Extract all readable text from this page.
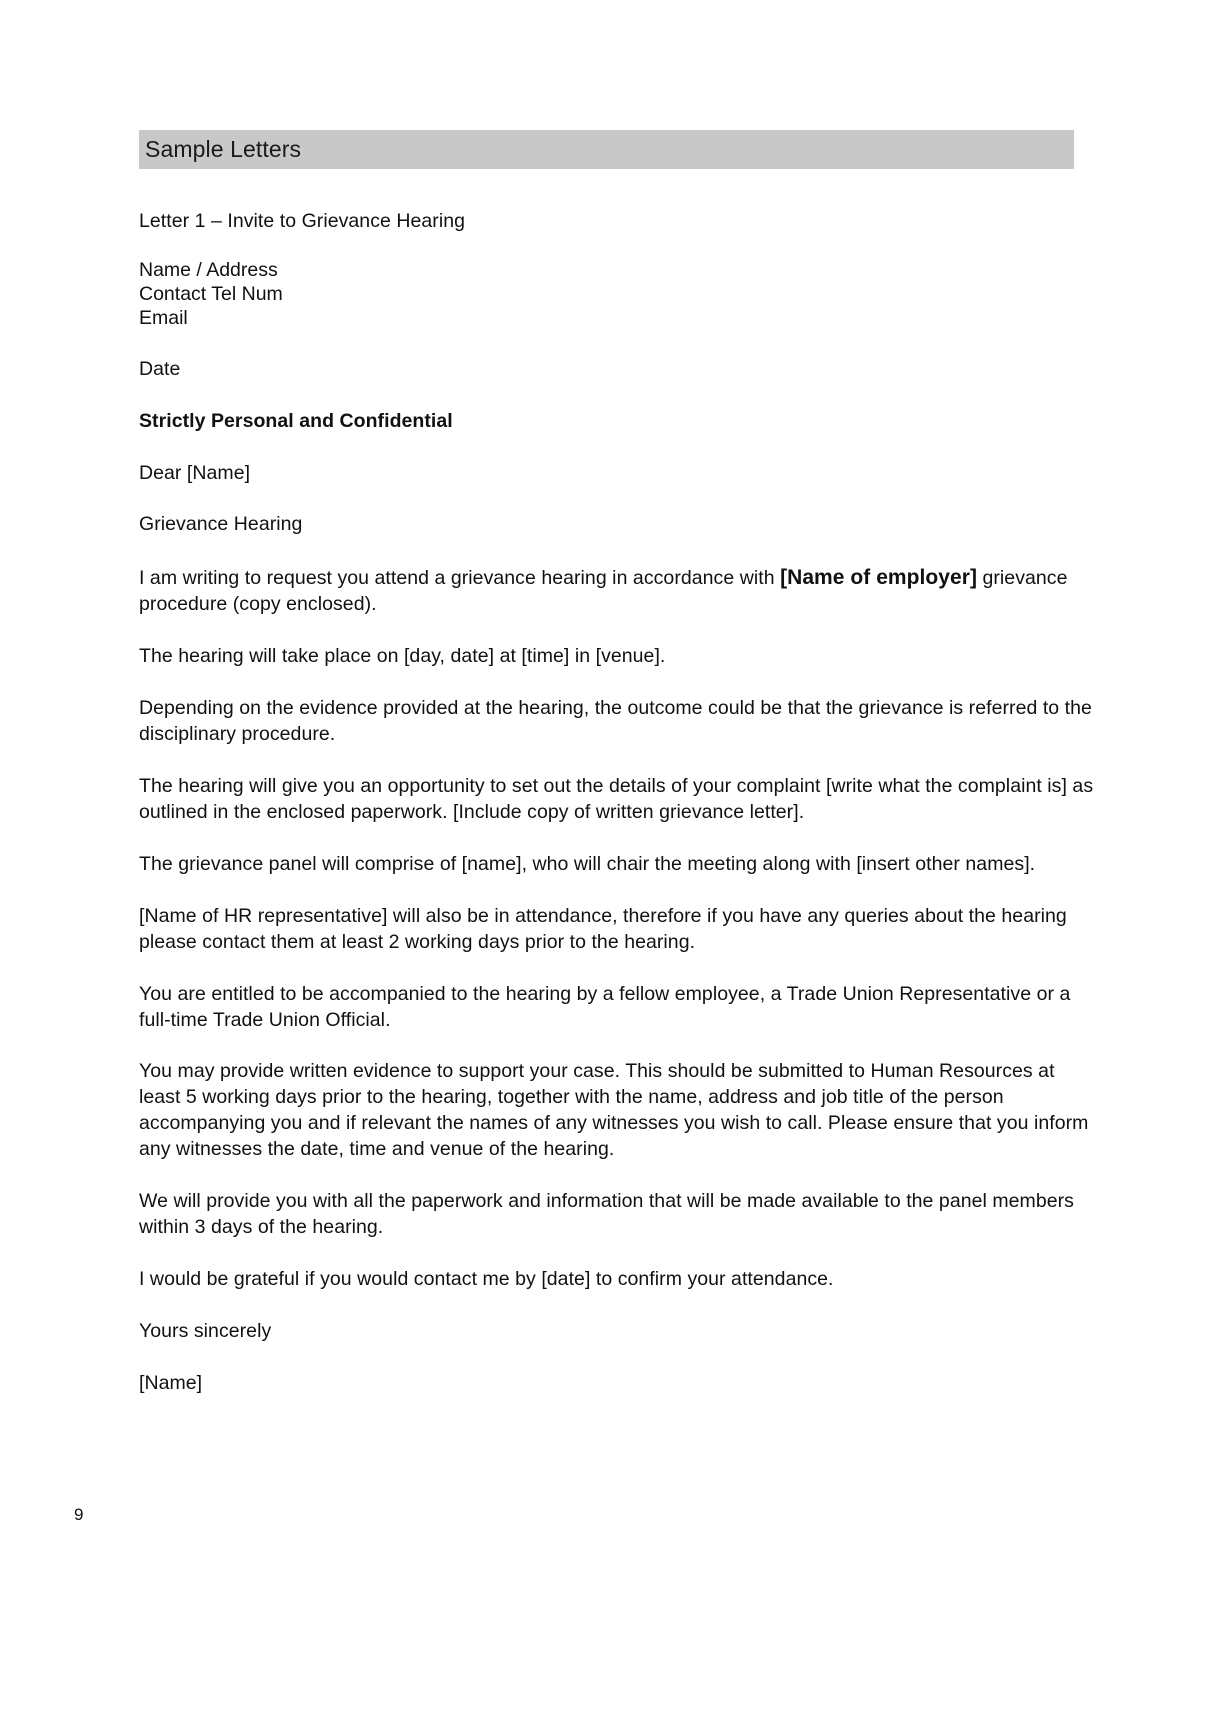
Sample Letters

Letter 1 – Invite to Grievance Hearing

Name / Address

Contact Tel Num

Email

Date

Strictly Personal and Confidential

Dear [Name]

Grievance Hearing

I am writing to request you attend a grievance hearing in accordance with [Name of employer] grievance procedure (copy enclosed).

The hearing will take place on [day, date] at [time] in [venue].

Depending on the evidence provided at the hearing, the outcome could be that the grievance is referred to the disciplinary procedure.

The hearing will give you an opportunity to set out the details of your complaint [write what the complaint is] as outlined in the enclosed paperwork. [Include copy of written grievance letter].

The grievance panel will comprise of [name], who will chair the meeting along with [insert other names].

[Name of HR representative] will also be in attendance, therefore if you have any queries about the hearing please contact them at least 2 working days prior to the hearing.

You are entitled to be accompanied to the hearing by a fellow employee, a Trade Union Representative or a full-time Trade Union Official.

You may provide written evidence to support your case. This should be submitted to Human Resources at least 5 working days prior to the hearing, together with the name, address and job title of the person accompanying you and if relevant the names of any witnesses you wish to call. Please ensure that you inform any witnesses the date, time and venue of the hearing.

We will provide you with all the paperwork and information that will be made available to the panel members within 3 days of the hearing.

I would be grateful if you would contact me by [date] to confirm your attendance.

Yours sincerely

[Name]

9
